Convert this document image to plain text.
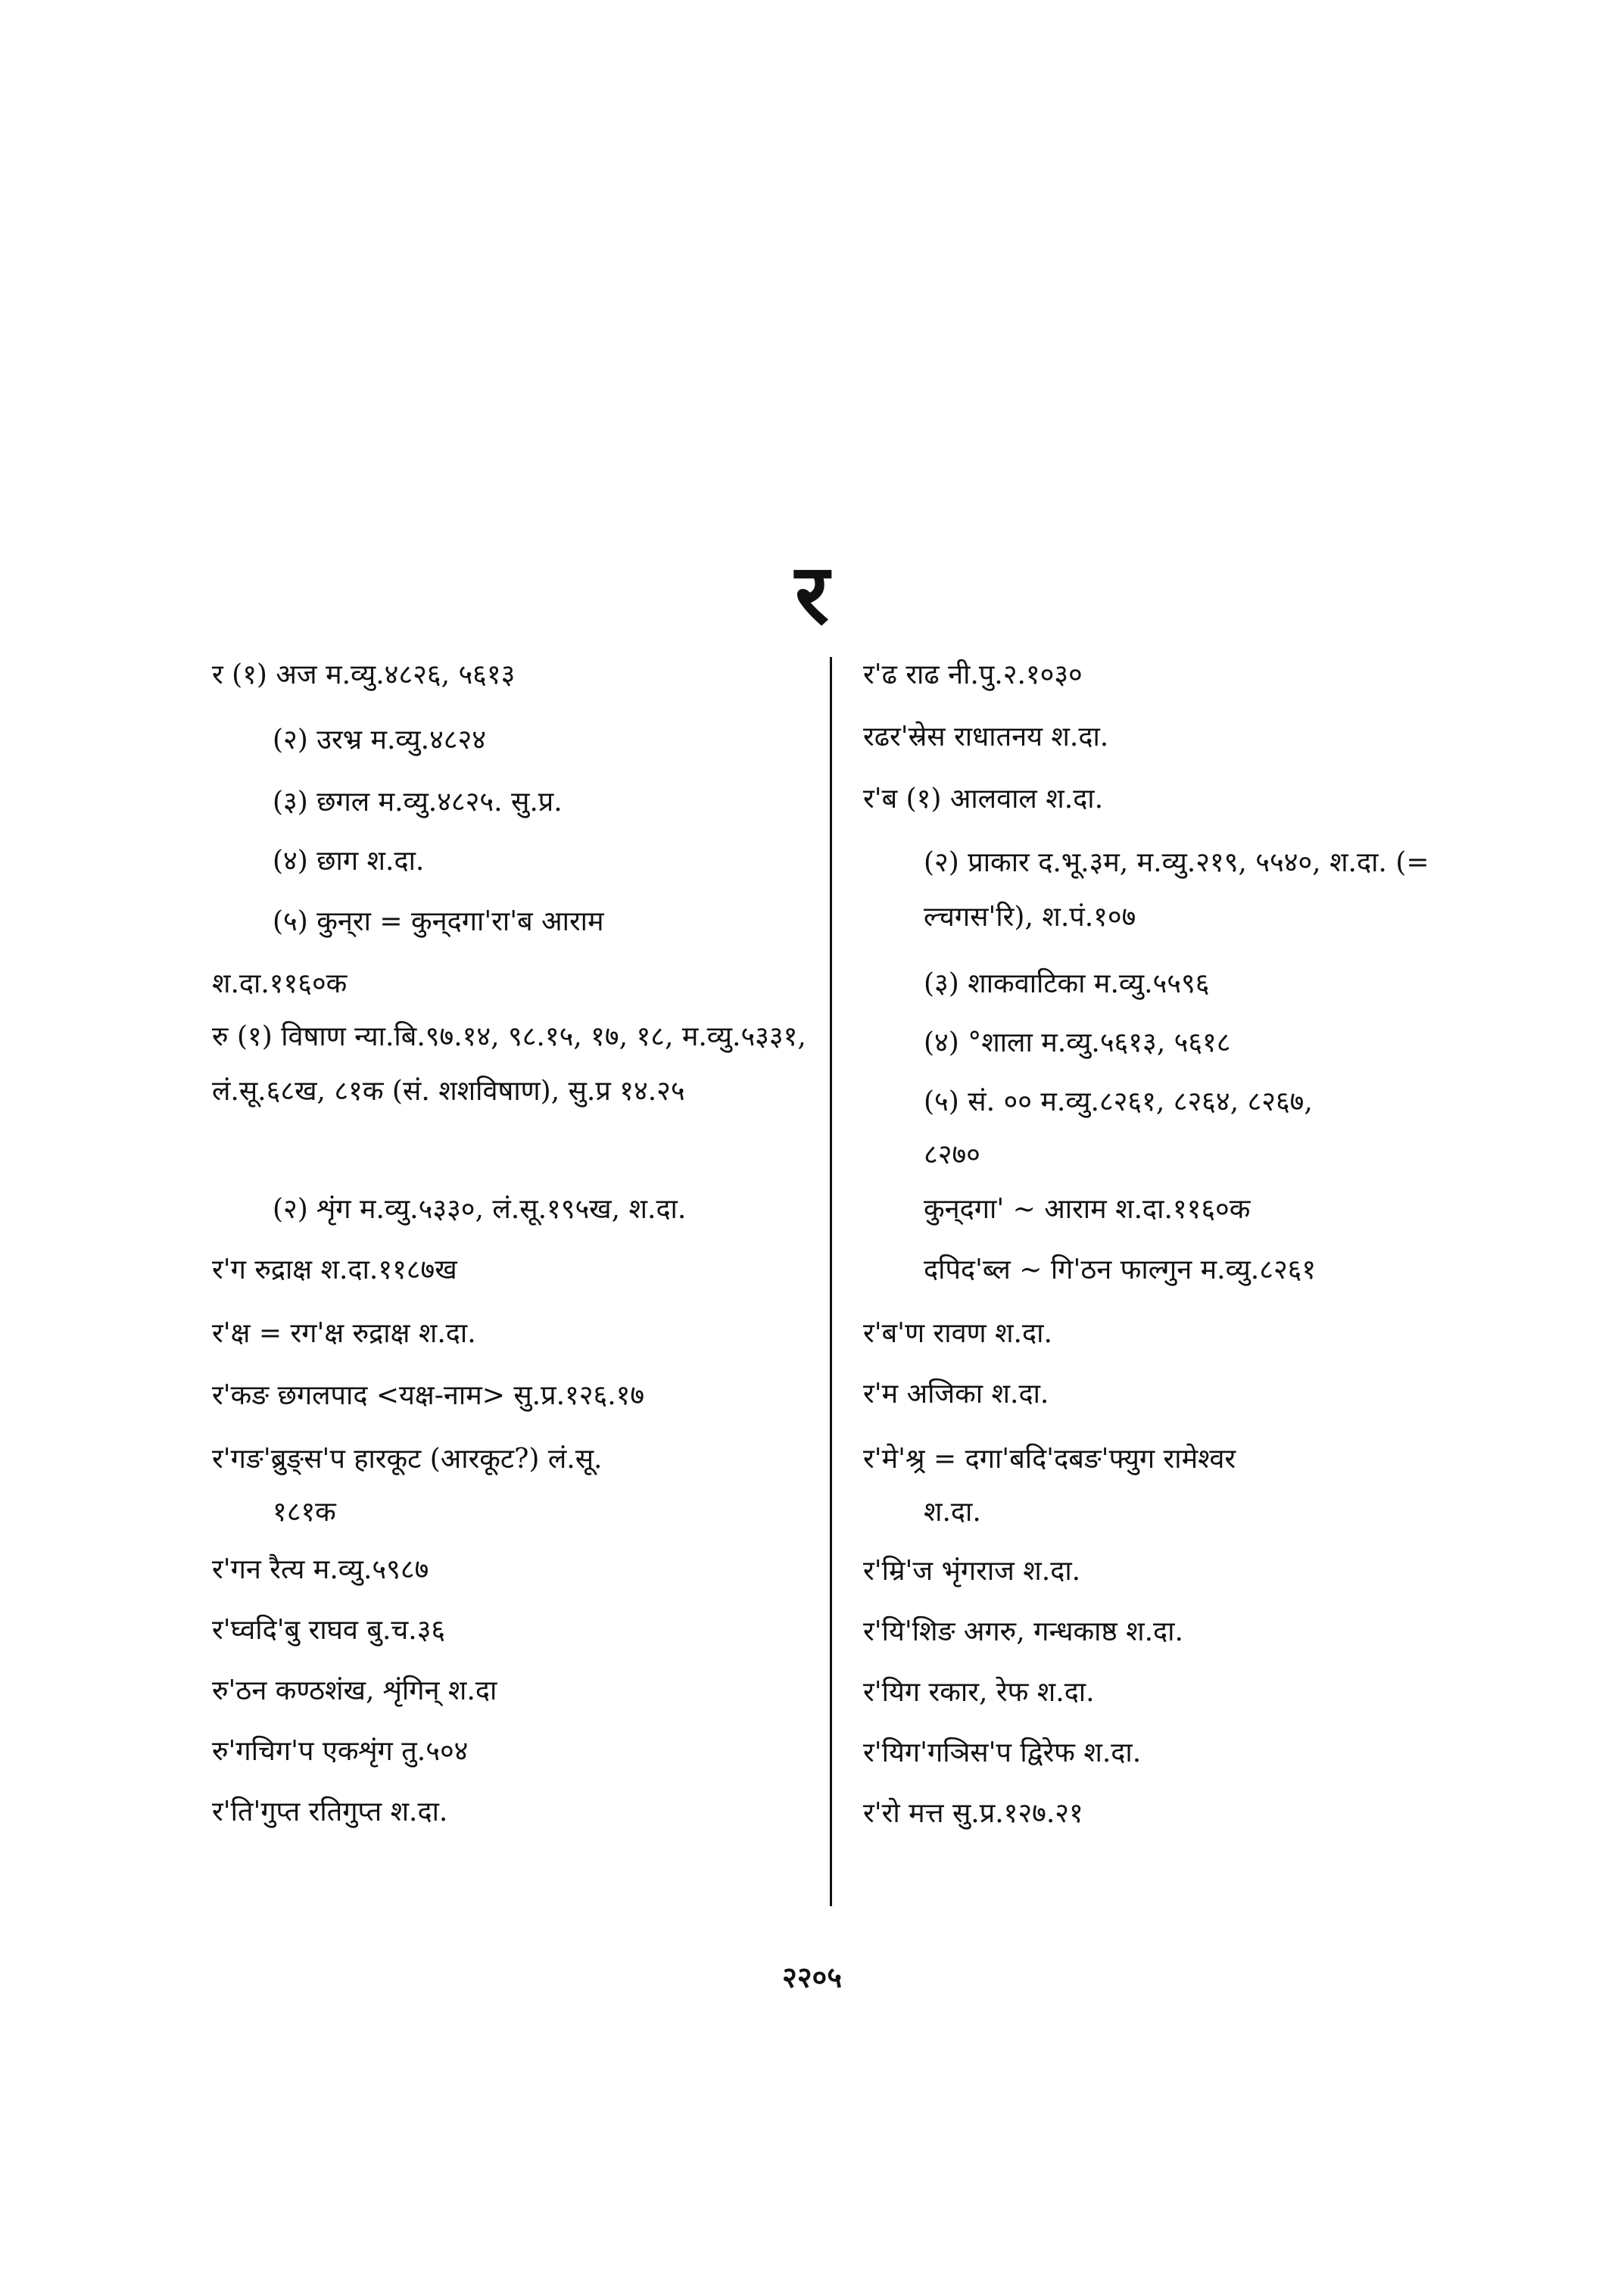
र
र (१) अज म.व्यु.४८२६, ५६१३
(२) उरभ्र म.व्यु.४८२४
(३) छगल म.व्यु.४८२५. सु.प्र.
(४) छाग श.दा.
(५) कुन्‌रा = कुन्‌दगा'रा'ब आराम
श.दा.११६०क
रु (१) विषाण न्या.बि.९७.१४, ९८.१५, १७, १८, म.व्यु.५३३१, लं.सू.६८ख, ८१क (सं. शशविषाण), सु.प्र १४.२५
(२) शृंग म.व्यु.५३३०, लं.सू.१९५ख, श.दा.
र'ग रुद्राक्ष श.दा.११८७ख
र'क्ष = रग'क्ष रुद्राक्ष श.दा.
र'कङ छगलपाद <यक्ष-नाम> सु.प्र.१२६.१७
र'गङ'ब्रुङ्स'प हारकूट (आरकूट?) लं.सू.
१८१क
र'गन रैत्य म.व्यु.५९८७
र'घ्वदि'बु राघव बु.च.३६
रु'ठन कण्ठशंख, शृंगिन् श.दा
रु'गचिग'प एकशृंग तु.५०४
र'ति'गुप्त रतिगुप्त श.दा.
र'ढ राढ नी.पु.२.१०३०
रढर'स्रेस राधातनय श.दा.
र'ब (१) आलवाल श.दा.
(२) प्राकार द.भू.३म, म.व्यु.२१९, ५५४०, श.दा. (= ल्चगस'रि), श.पं.१०७
(३) शाकवाटिका म.व्यु.५५९६
(४) °शाला म.व्यु.५६१३, ५६१८
(५) सं. ०० म.व्यु.८२६१, ८२६४, ८२६७,
८२७०
कुन्‌दगा' ~ आराम श.दा.११६०क
दपिद'ब्ल ~ गि'ठन फाल्गुन म.व्यु.८२६१
र'ब'ण रावण श.दा.
र'म अजिका श.दा.
र'मे'श्र्र = दगा'बदि'दबङ'फ्युग रामेश्वर
श.दा.
र'म्रि'ज भृंगराज श.दा.
र'यि'शिङ अगरु, गन्धकाष्ठ श.दा.
र'यिग रकार, रेफ श.दा.
र'यिग'गञिस'प द्विरेफ श.दा.
र'रो मत्त सु.प्र.१२७.२१
२२०५
